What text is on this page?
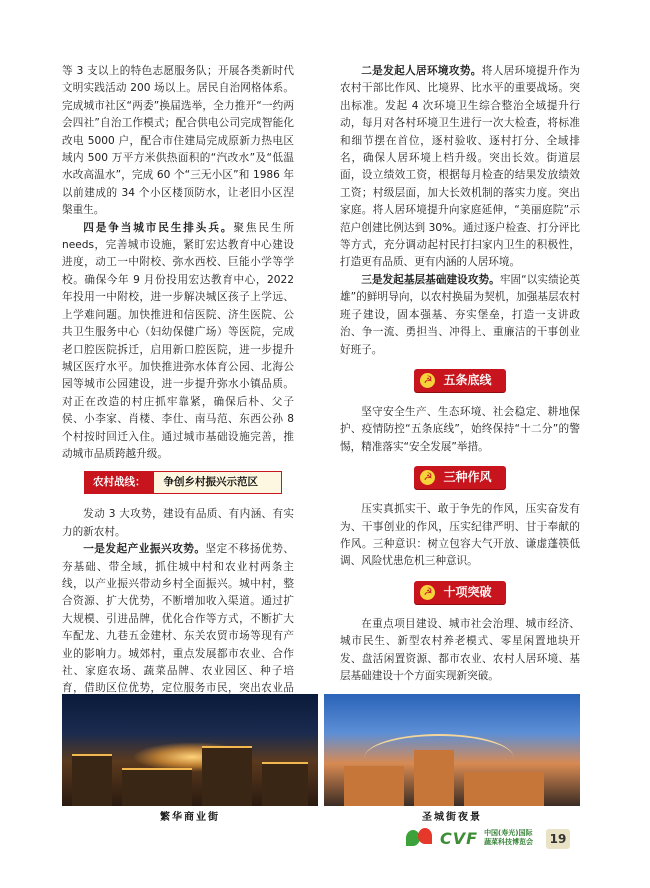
等 3 支以上的特色志愿服务队；开展各类新时代文明实践活动 200 场以上。居民自治网格体系。完成城市社区“两委”换届选举，全力推开“一约两会四社”自治工作模式；配合供电公司完成智能化改电 5000 户，配合市住建局完成原新力热电区域内 500 万平方米供热面积的“汽改水”及“低温水改高温水”，完成 60 个“三无小区”和 1986 年以前建成的 34 个小区楼顶防水，让老旧小区涅槃重生。

四是争当城市民生排头兵。聚焦民生所needs，完善城市设施，紧盯宏达教育中心建设进度，动工一中附校、弥水西校、巨能小学等学校。确保今年 9 月份投用宏达教育中心，2022 年投用一中附校，进一步解决城区孩子上学远、上学难问题。加快推进和信医院、济生医院、公共卫生服务中心（妇幼保健广场）等医院，完成老口腔医院拆迁，启用新口腔医院，进一步提升城区医疗水平。加快推进弥水体育公园、北海公园等城市公园建设，进一步提升弥水小镇品质。对正在改造的村庄抓牢靠紧，确保后朴、父子侯、小李家、肖楼、李仕、南马范、东西公孙 8 个村按时回迁入住。通过城市基础设施完善，推动城市品质跨越升级。

农村战线：	争创乡村振兴示范区

发动 3 大攻势，建设有品质、有内涵、有实力的新农村。

一是发起产业振兴攻势。坚定不移扬优势、夯基础、带全域，抓住城中村和农业村两条主线，以产业振兴带动乡村全面振兴。城中村，整合资源、扩大优势，不断增加收入渠道。通过扩大规模、引进品牌，优化合作等方式，不断扩大车配龙、九巷五金建材、东关农贸市场等现有产业的影响力。城郊村，重点发展都市农业、合作社、家庭农场、蔬菜品牌、农业园区、种子培育，借助区位优势，定位服务市民，突出农业品

二是发起人居环境攻势。将人居环境提升作为农村干部比作风、比境界、比水平的重要战场。突出标准。发起 4 次环境卫生综合整治全域提升行动，每月对各村环境卫生进行一次大检查，将标准和细节摆在首位，逐村验收、逐村打分、全域排名，确保人居环境上档升级。突出长效。街道层面，设立绩效工资，根据每月检查的结果发放绩效工资；村级层面，加大长效机制的落实力度。突出家庭。将人居环境提升向家庭延伸，“美丽庭院”示范户创建比例达到 30%。通过逐户检查、打分评比等方式，充分调动起村民打扫家内卫生的积极性，打造更有品质、更有内涵的人居环境。

三是发起基层基础建设攻势。牢固“以实绩论英雄”的鲜明导向，以农村换届为契机，加强基层农村班子建设，固本强基、夯实堡垒，打造一支讲政治、争一流、勇担当、冲得上、重廉洁的干事创业好班子。

☭ 五条底线

坚守安全生产、生态环境、社会稳定、耕地保护、疫情防控“五条底线”，始终保持“十二分”的警惕，精准落实“安全发展”举措。

☭ 三种作风

压实真抓实干、敢于争先的作风，压实奋发有为、干事创业的作风，压实纪律严明、甘于奉献的作风。三种意识：树立包容大气开放、谦虚蓬筷低调、风险忧患危机三种意识。

☭ 十项突破

在重点项目建设、城市社会治理、城市经济、城市民生、新型农村养老模式、零星闲置地块开发、盘活闲置资源、都市农业、农村人居环境、基层基础建设十个方面实现新突破。

繁华商业街	圣城街夜景
CVF 中国(寿光)国际
蔬菜科技博览会	19
